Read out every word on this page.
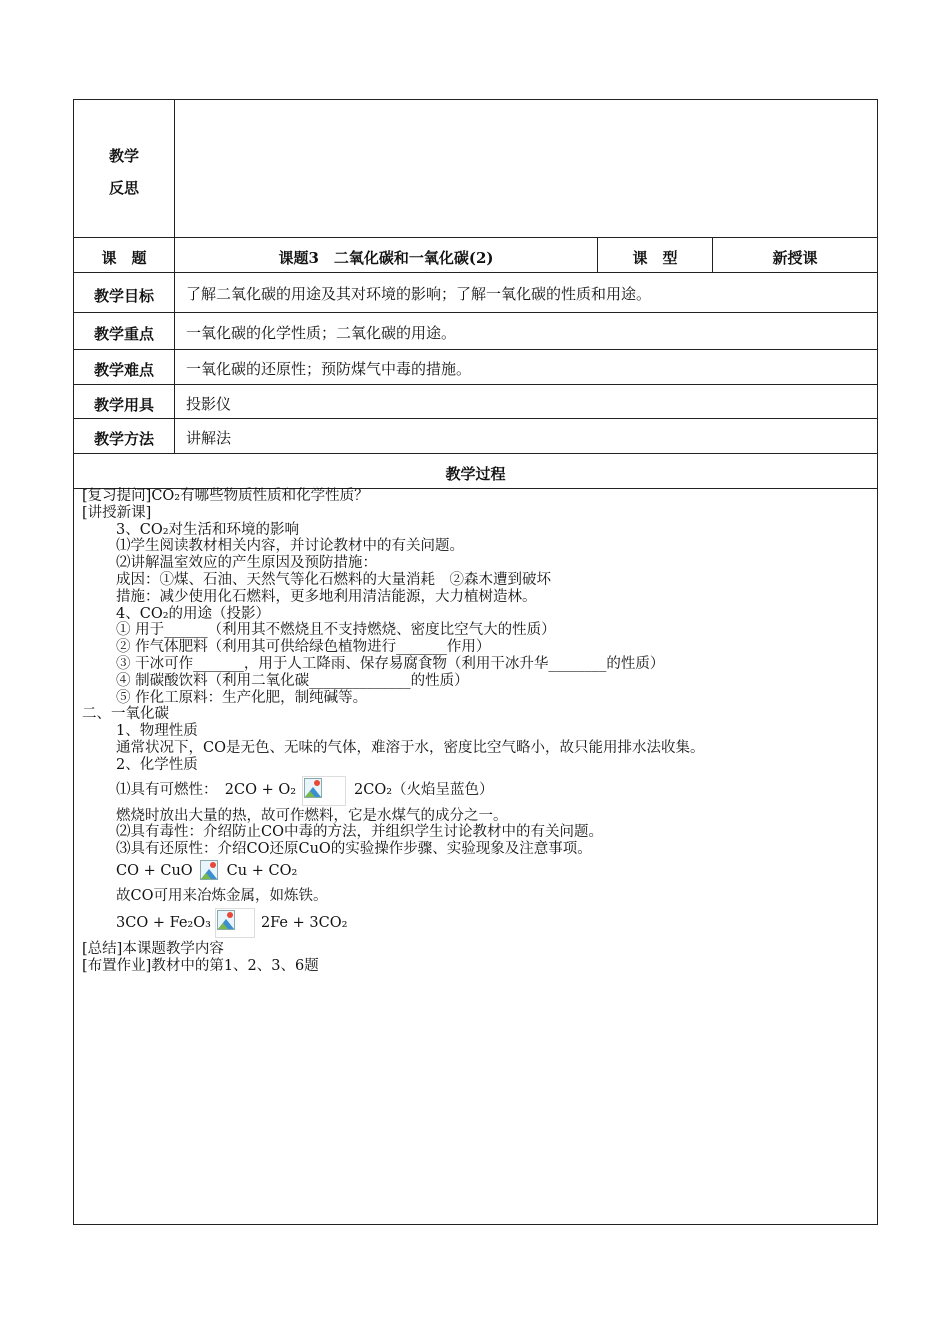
教学
反思
课　题	课题3　二氧化碳和一氧化碳(2)	课　型	新授课
教学目标	了解二氧化碳的用途及其对环境的影响；了解一氧化碳的性质和用途。
教学重点	一氧化碳的化学性质；二氧化碳的用途。
教学难点	一氧化碳的还原性；预防煤气中毒的措施。
教学用具	投影仪
教学方法	讲解法
教学过程
[复习提问]CO₂有哪些物质性质和化学性质？
[讲授新课]
3、CO₂对生活和环境的影响
⑴学生阅读教材相关内容，并讨论教材中的有关问题。
⑵讲解温室效应的产生原因及预防措施：
成因：①煤、石油、天然气等化石燃料的大量消耗　②森木遭到破坏
措施：减少使用化石燃料，更多地利用清洁能源，大力植树造林。
4、CO₂的用途（投影）
① 用于______（利用其不燃烧且不支持燃烧、密度比空气大的性质）
② 作气体肥料（利用其可供给绿色植物进行_______作用）
③ 干冰可作_______，用于人工降雨、保存易腐食物（利用干冰升华________的性质）
④ 制碳酸饮料（利用二氧化碳______________的性质）
⑤ 作化工原料：生产化肥，制纯碱等。
二、一氧化碳
1、物理性质
通常状况下，CO是无色、无味的气体，难溶于水，密度比空气略小，故只能用排水法收集。
2、化学性质
⑴具有可燃性：　2CO + O₂	2CO₂（火焰呈蓝色）
燃烧时放出大量的热，故可作燃料，它是水煤气的成分之一。
⑵具有毒性：介绍防止CO中毒的方法，并组织学生讨论教材中的有关问题。
⑶具有还原性：介绍CO还原CuO的实验操作步骤、实验现象及注意事项。
CO + CuO Cu + CO₂
故CO可用来冶炼金属，如炼铁。
3CO + Fe₂O₃	2Fe + 3CO₂
[总结]本课题教学内容
[布置作业]教材中的第1、2、3、6题
